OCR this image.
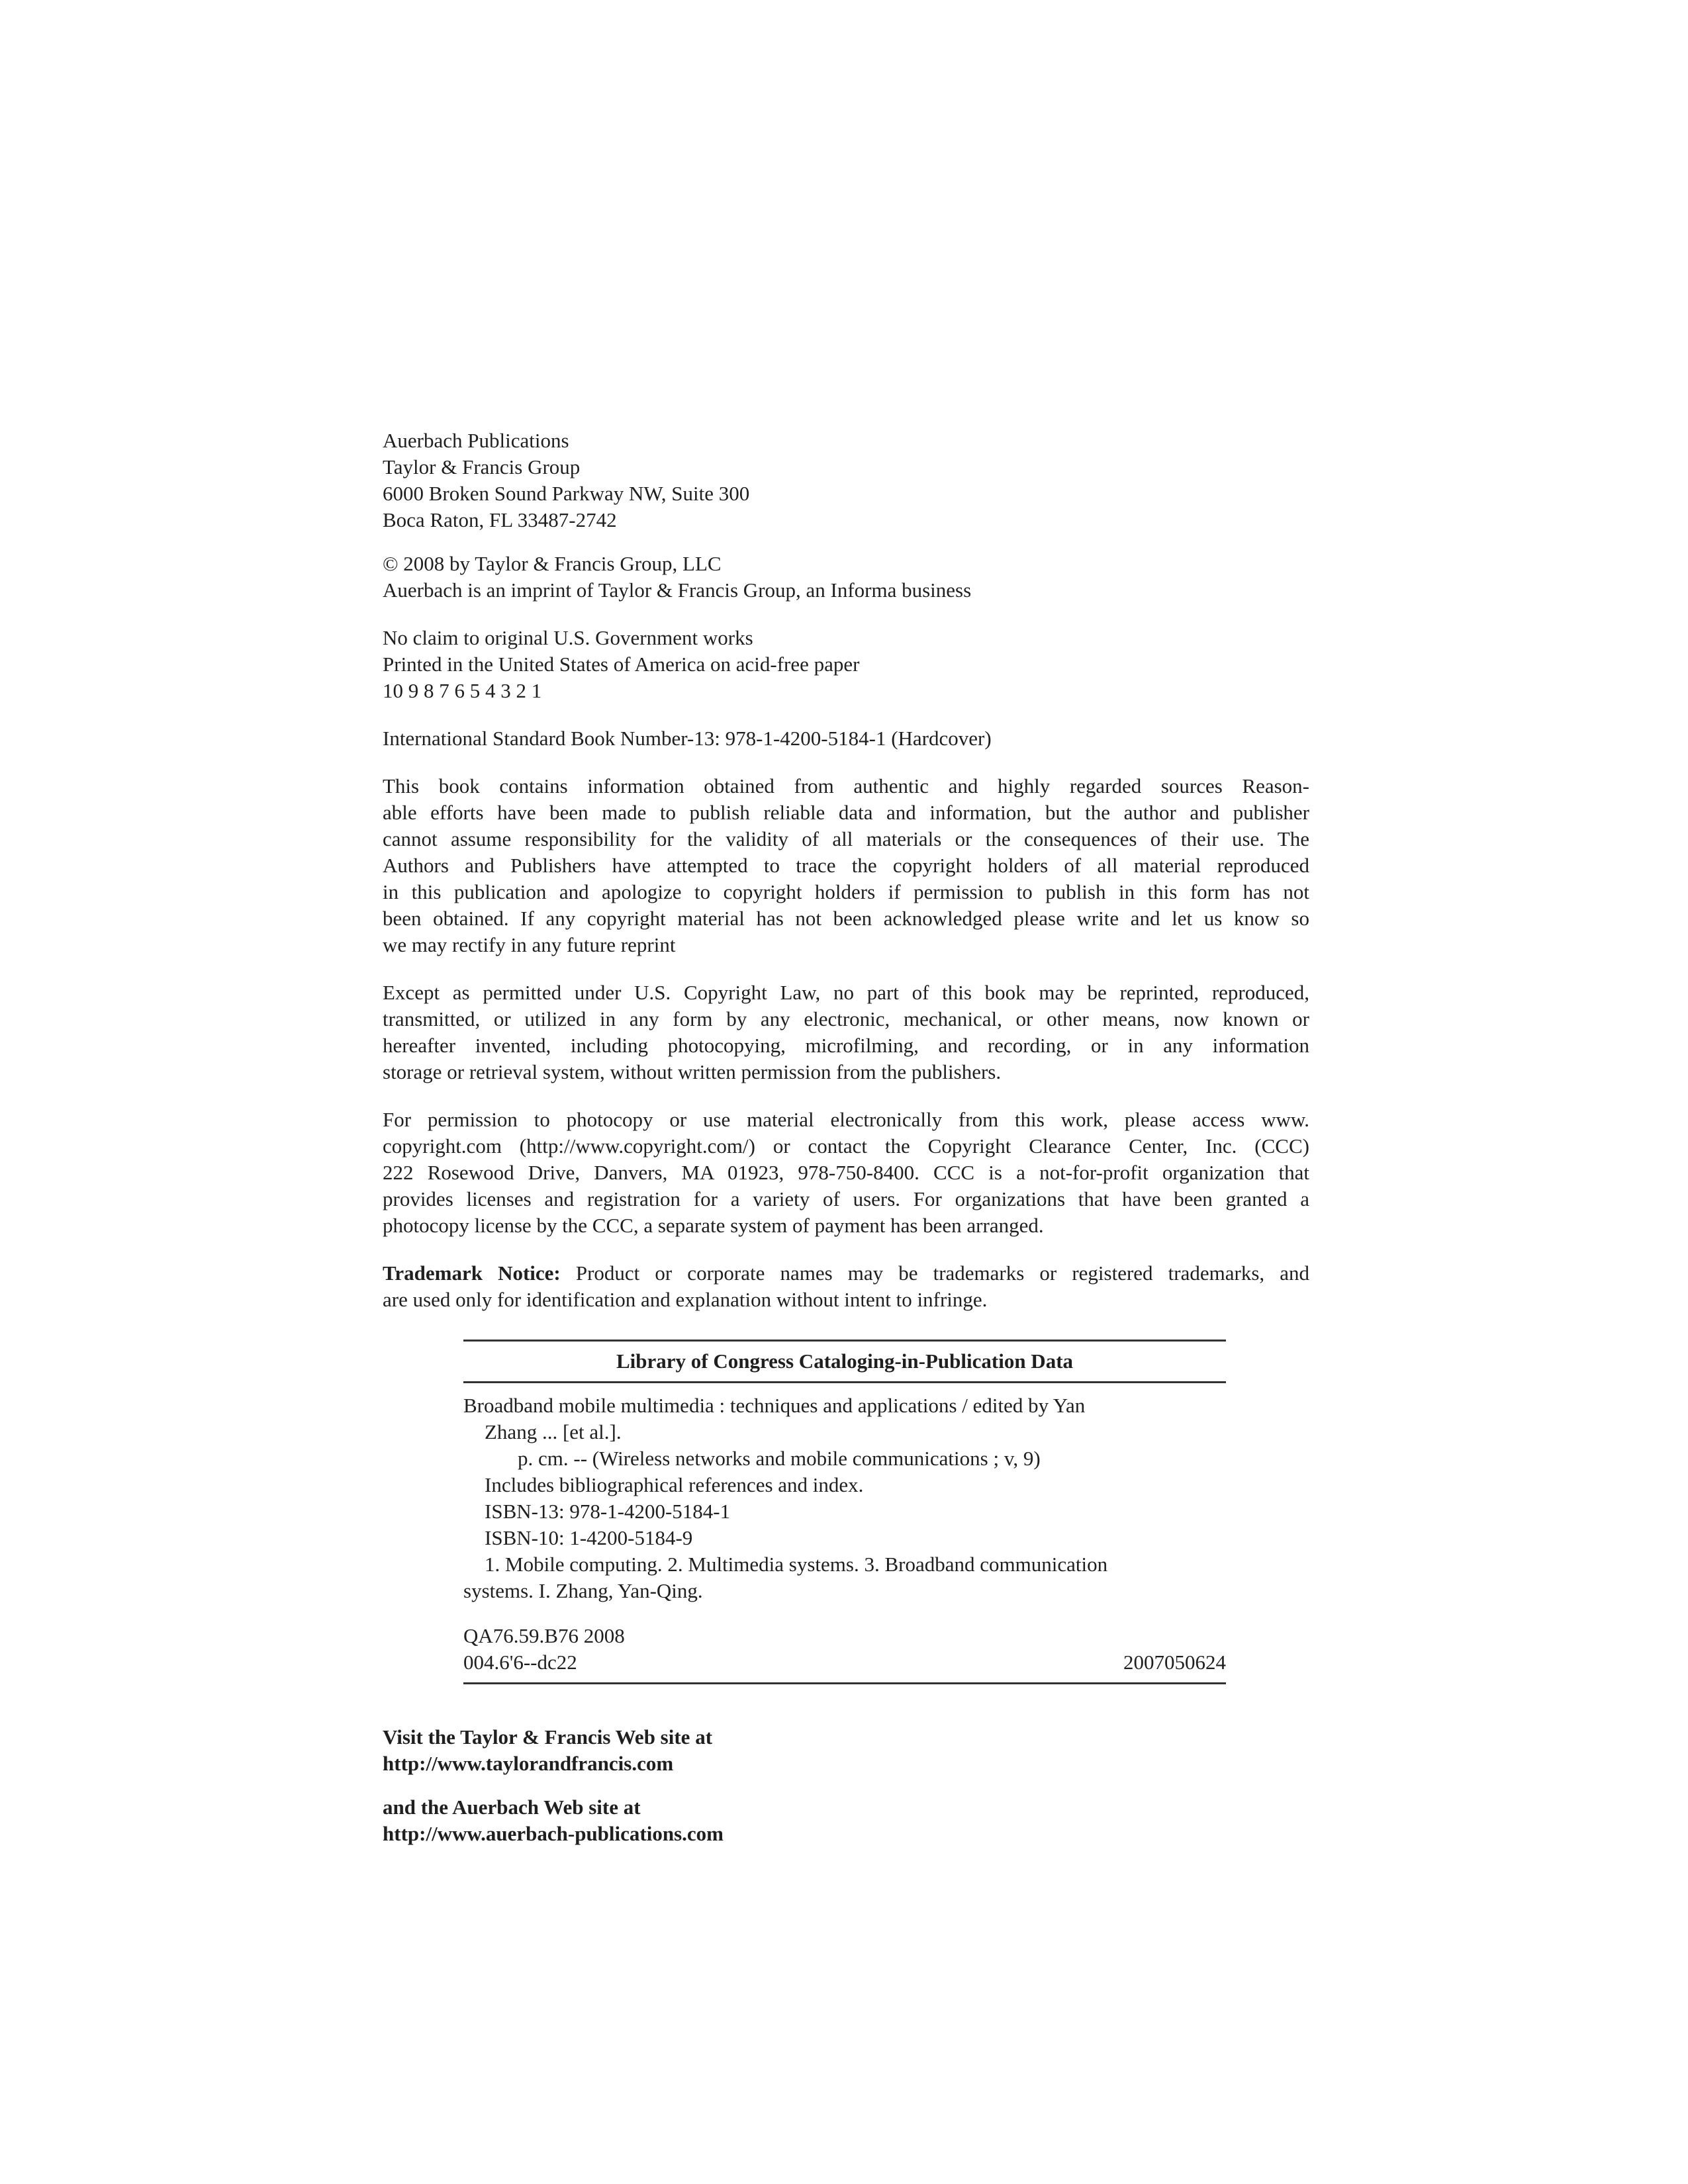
Auerbach Publications
Taylor & Francis Group
6000 Broken Sound Parkway NW, Suite 300
Boca Raton, FL 33487-2742
© 2008 by Taylor & Francis Group, LLC
Auerbach is an imprint of Taylor & Francis Group, an Informa business
No claim to original U.S. Government works
Printed in the United States of America on acid-free paper
10 9 8 7 6 5 4 3 2 1
International Standard Book Number-13: 978-1-4200-5184-1 (Hardcover)
This book contains information obtained from authentic and highly regarded sources Reason-
able efforts have been made to publish reliable data and information, but the author and publisher
cannot assume responsibility for the validity of all materials or the consequences of their use. The
Authors and Publishers have attempted to trace the copyright holders of all material reproduced
in this publication and apologize to copyright holders if permission to publish in this form has not
been obtained. If any copyright material has not been acknowledged please write and let us know so
we may rectify in any future reprint
Except as permitted under U.S. Copyright Law, no part of this book may be reprinted, reproduced,
transmitted, or utilized in any form by any electronic, mechanical, or other means, now known or
hereafter invented, including photocopying, microfilming, and recording, or in any information
storage or retrieval system, without written permission from the publishers.
For permission to photocopy or use material electronically from this work, please access www.
copyright.com (http://www.copyright.com/) or contact the Copyright Clearance Center, Inc. (CCC)
222 Rosewood Drive, Danvers, MA 01923, 978-750-8400. CCC is a not-for-profit organization that
provides licenses and registration for a variety of users. For organizations that have been granted a
photocopy license by the CCC, a separate system of payment has been arranged.
Trademark Notice: Product or corporate names may be trademarks or registered trademarks, and
are used only for identification and explanation without intent to infringe.
Library of Congress Cataloging-in-Publication Data
Broadband mobile multimedia : techniques and applications / edited by Yan
Zhang ... [et al.].
p. cm. -- (Wireless networks and mobile communications ; v, 9)
Includes bibliographical references and index.
ISBN-13: 978-1-4200-5184-1
ISBN-10: 1-4200-5184-9
1. Mobile computing. 2. Multimedia systems. 3. Broadband communication
systems. I. Zhang, Yan-Qing.
QA76.59.B76 2008
004.6'6--dc22	2007050624
Visit the Taylor & Francis Web site at
http://www.taylorandfrancis.com
and the Auerbach Web site at
http://www.auerbach-publications.com
